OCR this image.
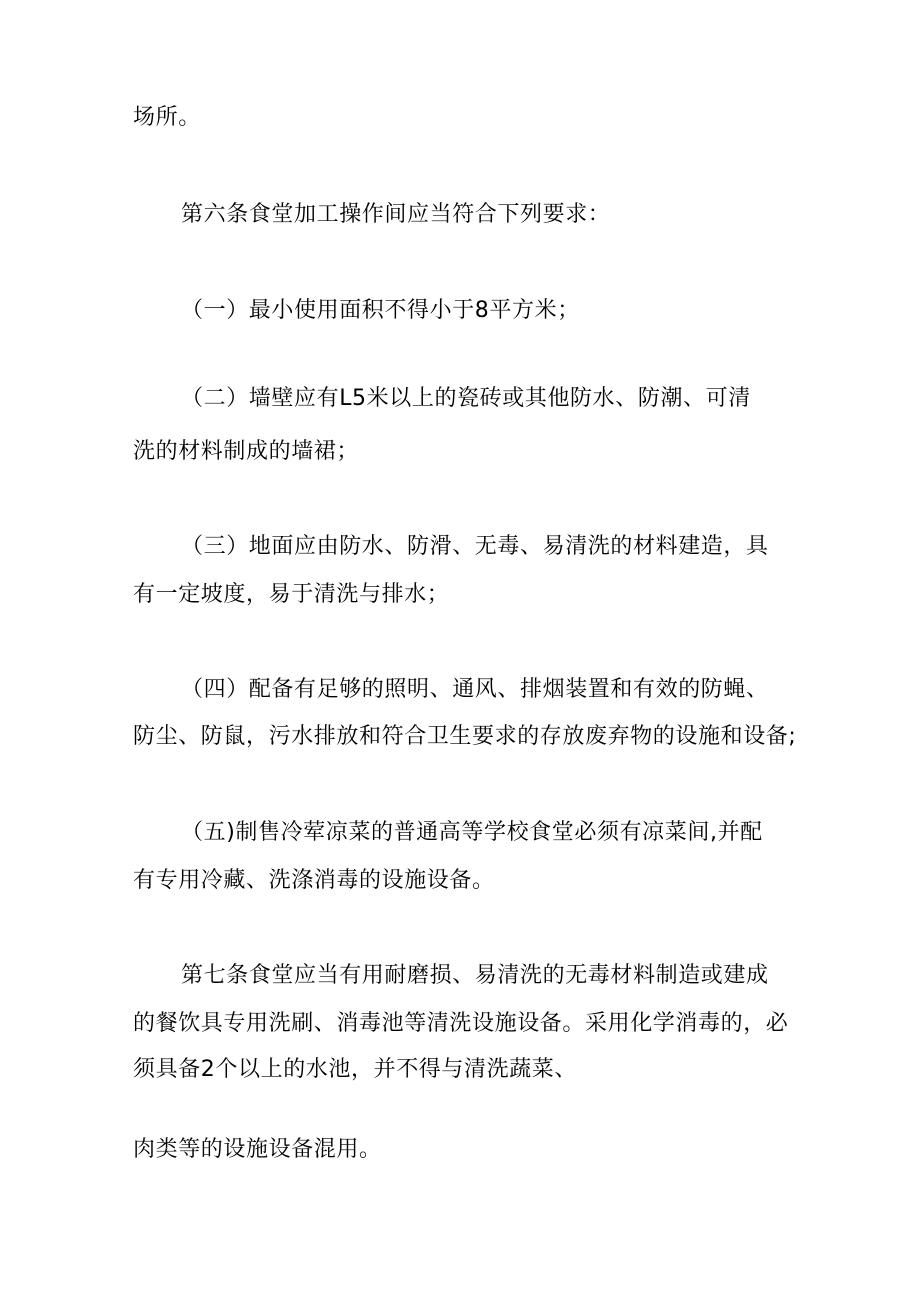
场所。

第六条食堂加工操作间应当符合下列要求：

（一）最小使用面积不得小于8平方米；

（二）墙壁应有L5米以上的瓷砖或其他防水、防潮、可清

洗的材料制成的墙裙；

（三）地面应由防水、防滑、无毒、易清洗的材料建造，具

有一定坡度，易于清洗与排水；

（四）配备有足够的照明、通风、排烟装置和有效的防蝇、

防尘、防鼠，污水排放和符合卫生要求的存放废弃物的设施和设备;

（五)制售冷荤凉菜的普通高等学校食堂必须有凉菜间,并配

有专用冷藏、洗涤消毒的设施设备。

第七条食堂应当有用耐磨损、易清洗的无毒材料制造或建成

的餐饮具专用洗刷、消毒池等清洗设施设备。采用化学消毒的，必

须具备2个以上的水池，并不得与清洗蔬菜、

肉类等的设施设备混用。
